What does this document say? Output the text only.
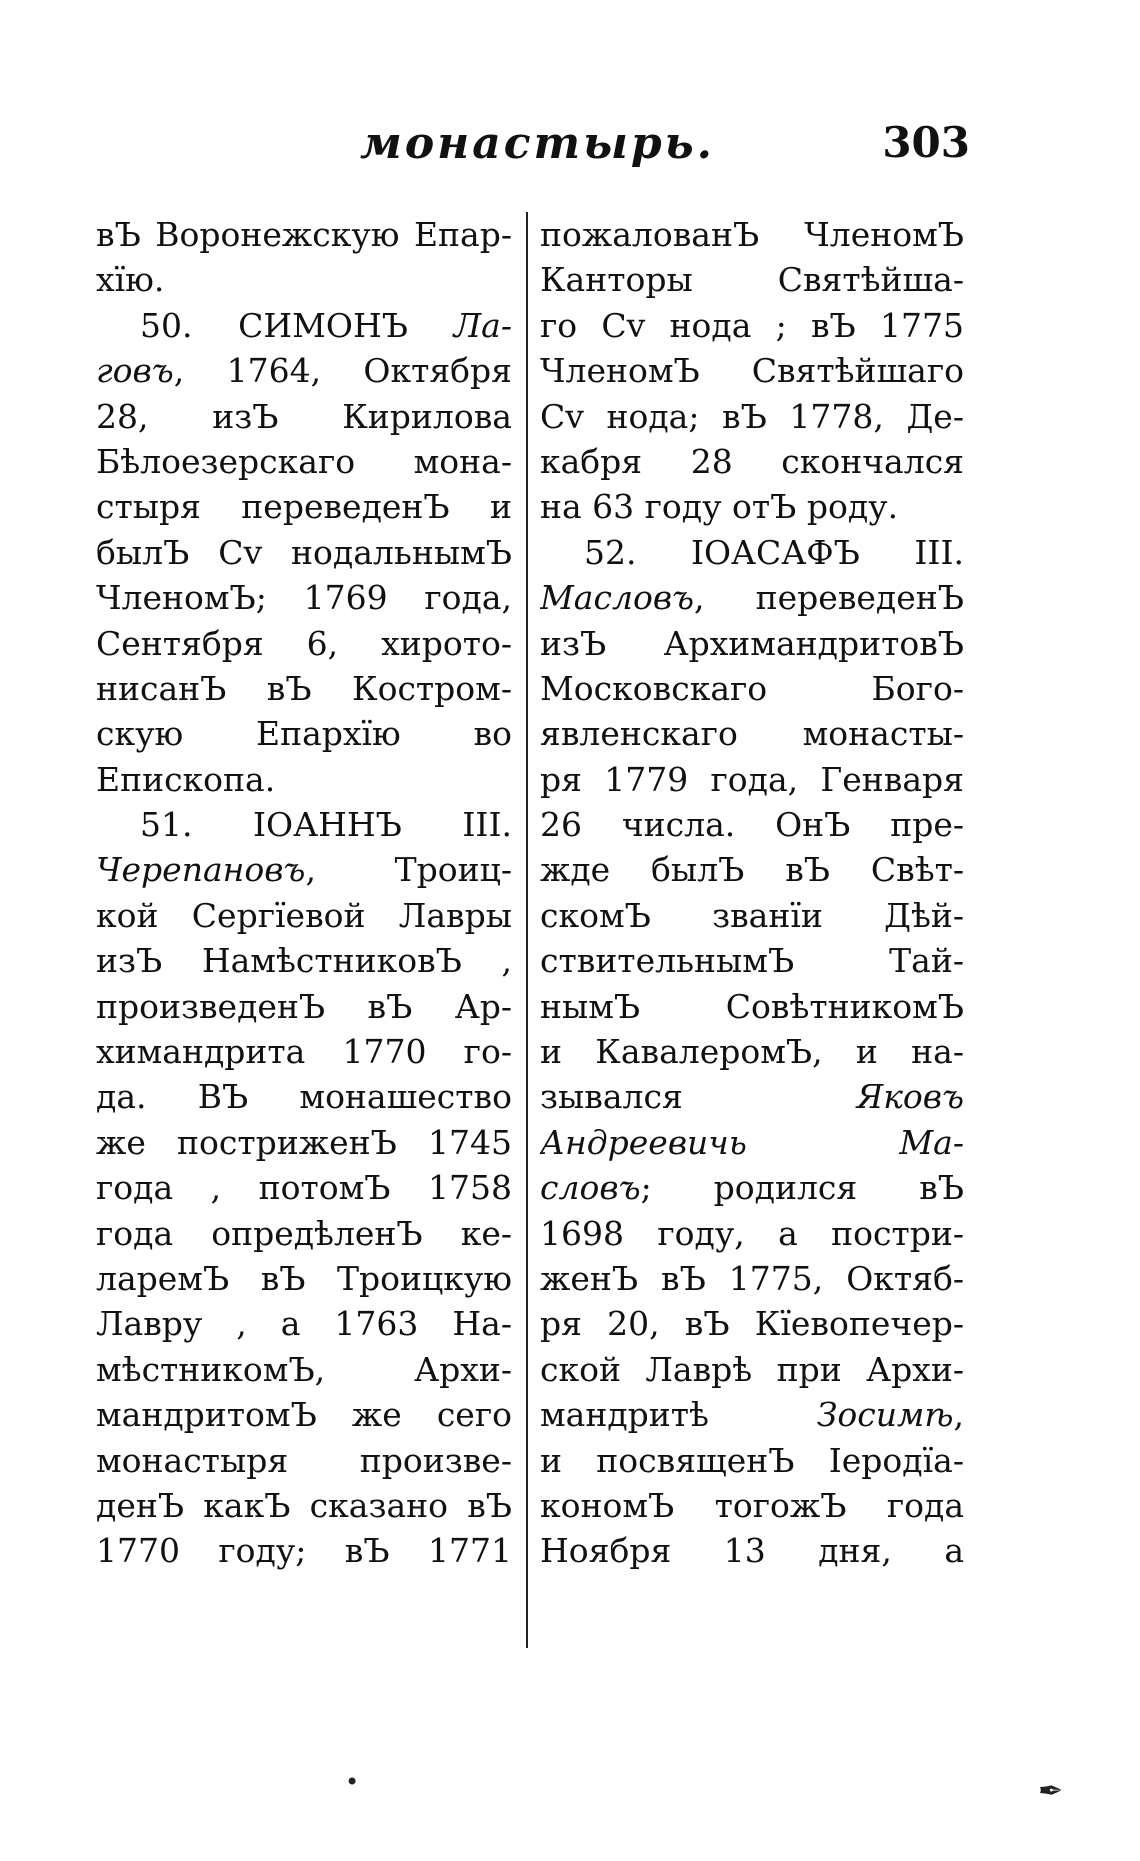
монастырь.	303
вЪ Воронежскую Епар-
хїю.
50. СИМОНЪ Ла-
говъ, 1764, Октября
28, изЪ Кирилова
Бѣлоезерскаго мона-
стыря переведенЪ и
былЪ Сv нодальнымЪ
ЧленомЪ; 1769 года,
Сентября 6, хирото-
нисанЪ вЪ Костром-
скую Епархїю во
Епископа.
51. IОАННЪ III.
Черепановъ, Троиц-
кой Сергїевой Лавры
изЪ НамѣстниковЪ ,
произведенЪ вЪ Ар-
химандрита 1770 го-
да. ВЪ монашество
же постриженЪ 1745
года , потомЪ 1758
года опредѣленЪ ке-
ларемЪ вЪ Троицкую
Лавру , а 1763 На-
мѣстникомЪ, Архи-
мандритомЪ же сего
монастыря произве-
денЪ какЪ сказано вЪ
1770 году; вЪ 1771
пожалованЪ ЧленомЪ
Канторы Святѣйша-
го Сv нода ; вЪ 1775
ЧленомЪ Святѣйшаго
Сv нода; вЪ 1778, Де-
кабря 28 скончался
на 63 году отЪ роду.
52. IОАСАФЪ III.
Масловъ, переведенЪ
изЪ АрхимандритовЪ
Московскаго Бого-
явленскаго монасты-
ря 1779 года, Генваря
26 числа. ОнЪ пре-
жде былЪ вЪ Свѣт-
скомЪ званїи Дѣй-
ствительнымЪ Тай-
нымЪ СовѣтникомЪ
и КавалеромЪ, и на-
зывался Яковъ
Андреевичь Ма-
словъ; родился вЪ
1698 году, а постри-
женЪ вЪ 1775, Октяб-
ря 20, вЪ Кїевопечер-
ской Лаврѣ при Архи-
мандритѣ Зосимѣ,
и посвященЪ Iеродїа-
кономЪ тогожЪ года
Ноября 13 дня, а
•	✒
